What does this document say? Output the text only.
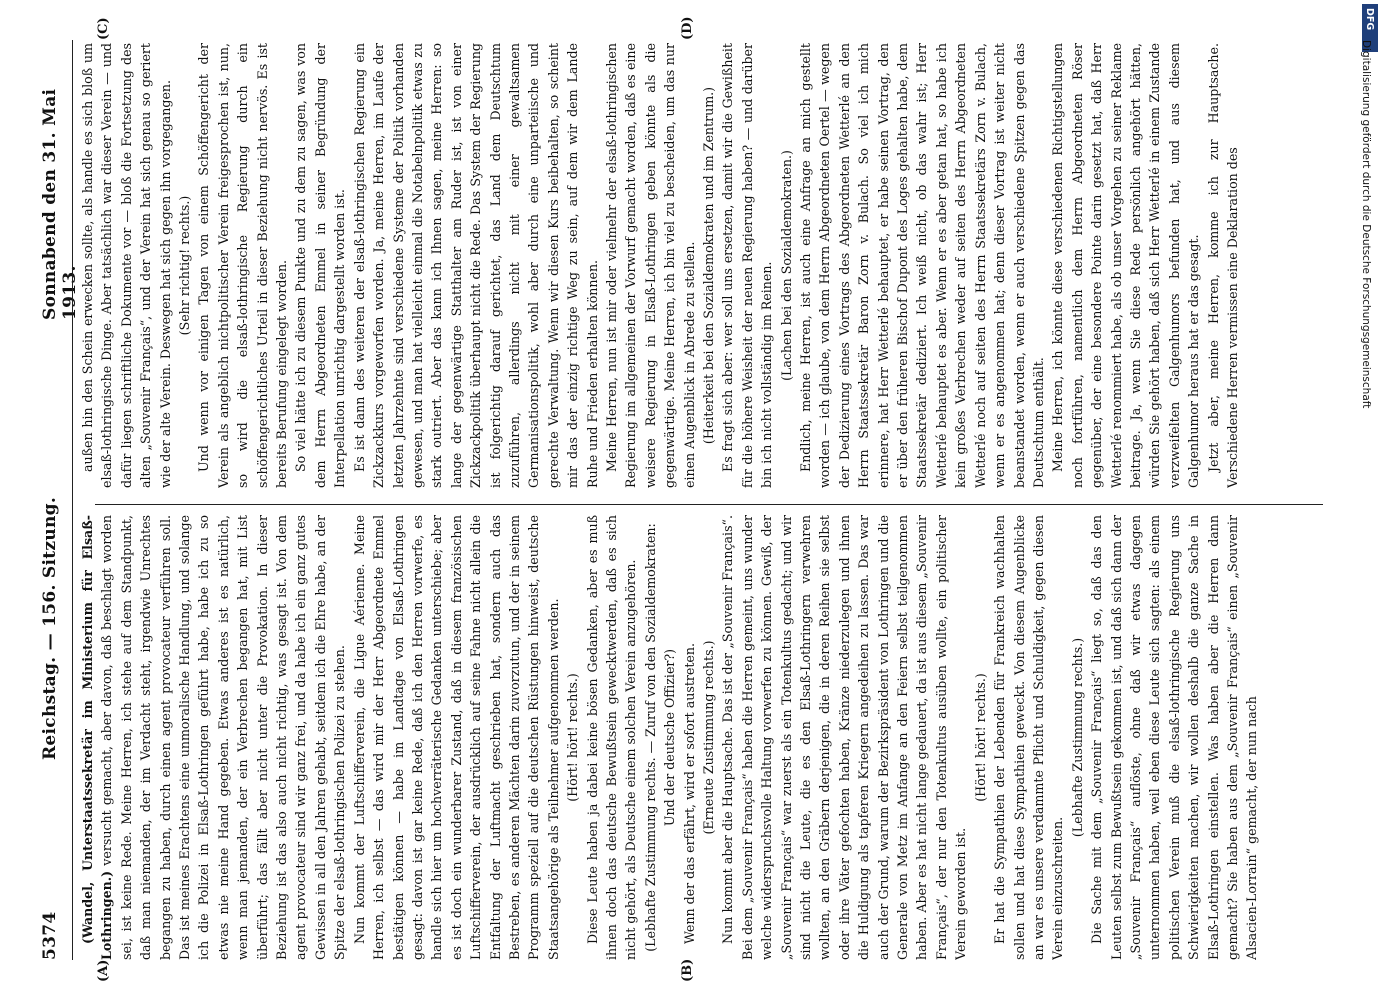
5374
Reichstag. — 156. Sitzung.
Sonnabend den 31. Mai 1913.
(A)	(B)
(C)	(D)

(Wandel, Unterstaatssekretär im Ministerium für Elsaß-Lothringen.) versucht gemacht, aber davon, daß beschlagt worden sei, ist keine Rede. Meine Herren, ich stehe auf dem Standpunkt, daß man niemanden, der im Verdacht steht, irgendwie Unrechtes begangen zu haben, durch einen agent provocateur verführen soll. Das ist meines Erachtens eine unmoralische Handlung, und solange ich die Polizei in Elsaß-Lothringen geführt habe, habe ich zu so etwas nie meine Hand gegeben. Etwas anderes ist es natürlich, wenn man jemanden, der ein Verbrechen begangen hat, mit List überführt; das fällt aber nicht unter die Provokation. In dieser Beziehung ist das also auch nicht richtig, was gesagt ist. Von dem agent provocateur sind wir ganz frei, und da habe ich ein ganz gutes Gewissen in all den Jahren gehabt, seitdem ich die Ehre habe, an der Spitze der elsaß-lothringischen Polizei zu stehen. Nun kommt der Luftschifferverein, die Ligue Aérienne. Meine Herren, ich selbst — das wird mir der Herr Abgeordnete Emmel bestätigen können — habe im Landtage von Elsaß-Lothringen gesagt: davon ist gar keine Rede, daß ich den Herren vorwerfe, es handle sich hier um hochverräterische Gedanken unterschiebe; aber es ist doch ein wunderbarer Zustand, daß in diesem französischen Luftschifferverein, der ausdrücklich auf seine Fahne nicht allein die Entfaltung der Luftmacht geschrieben hat, sondern auch das Bestreben, es anderen Mächten darin zuvorzutun, und der in seinem Programm speziell auf die deutschen Rüstungen hinweist, deutsche Staatsangehörige als Teilnehmer aufgenommen werden. (Hört! hört! rechts.) Diese Leute haben ja dabei keine bösen Gedanken, aber es muß ihnen doch das deutsche Bewußtsein gewecktwerden, daß es sich nicht gehört, als Deutsche einem solchen Verein anzugehören. (Lebhafte Zustimmung rechts. — Zuruf von den Sozialdemokraten: Und der deutsche Offizier?) Wenn der das erfährt, wird er sofort austreten. (Erneute Zustimmung rechts.) Nun kommt aber die Hauptsache. Das ist der „Souvenir Français“. Bei dem „Souvenir Français“ haben die Herren gemeint, uns wunder welche widerspruchsvolle Haltung vorwerfen zu können. Gewiß, der „Souvenir Français“ war zuerst als ein Totenkultus gedacht; und wir sind nicht die Leute, die es den Elsaß-Lothringern verwehren wollten, an den Gräbern derjenigen, die in deren Reihen sie selbst oder ihre Väter gefochten haben, Kränze niederzulegen und ihnen die Huldigung als tapferen Kriegern angedeihen zu lassen. Das war auch der Grund, warum der Bezirkspräsident von Lothringen und die Generale von Metz im Anfange an den Feiern selbst teilgenommen haben. Aber es hat nicht lange gedauert, da ist aus diesem „Souvenir Français“, der nur den Totenkultus ausüben wollte, ein politischer Verein geworden ist.

(Hört! hört! rechts.) Er hat die Sympathien der Lebenden für Frankreich wachhalten sollen und hat diese Sympathien geweckt. Von diesem Augenblicke an war es unsere verdammte Pflicht und Schuldigkeit, gegen diesen Verein einzuschreiten.

(Lebhafte Zustimmung rechts.) Die Sache mit dem „Souvenir Français“ liegt so, daß das den Leuten selbst zum Bewußtsein gekommen ist, und daß sich dann der „Souvenir Français“ auflöste, ohne daß wir etwas dagegen unternommen haben, weil eben diese Leute sich sagten: als einem politischen Verein muß die elsaß-lothringische Regierung uns Schwierigkeiten machen, wir wollen deshalb die ganze Sache in Elsaß-Lothringen einstellen. Was haben aber die Herren dann gemacht? Sie haben aus dem „Souvenir Français“ einen „Souvenir Alsacien-Lorrain“ gemacht, der nun nach

außen hin den Schein erwecken sollte, als handle es sich bloß um elsaß-lothringische Dinge. Aber tatsächlich war dieser Verein — und dafür liegen schriftliche Dokumente vor — bloß die Fortsetzung des alten „Souvenir Français“, und der Verein hat sich genau so geriert wie der alte Verein. Deswegen hat sich gegen ihn vorgegangen. (Sehr richtig! rechts.) Und wenn vor einigen Tagen von einem Schöffengericht der Verein als angeblich nichtpolitischer Verein freigesprochen ist, nun, so wird die elsaß-lothringische Regierung durch ein schöffengerichtliches Urteil in dieser Beziehung nicht nervös. Es ist bereits Berufung eingelegt worden. So viel hätte ich zu diesem Punkte und zu dem zu sagen, was von dem Herrn Abgeordneten Emmel in seiner Begründung der Interpellation unrichtig dargestellt worden ist. Es ist dann des weiteren der elsaß-lothringischen Regierung ein Zickzackkurs vorgeworfen worden. Ja, meine Herren, im Laufe der letzten Jahrzehnte sind verschiedene Systeme der Politik vorhanden gewesen, und man hat vielleicht einmal die Notabelnpolitik etwas zu stark outriert. Aber das kann ich Ihnen sagen, meine Herren: so lange der gegenwärtige Statthalter am Ruder ist, ist von einer Zickzackpolitik überhaupt nicht die Rede. Das System der Regierung ist folgerichtig darauf gerichtet, das Land dem Deutschtum zuzuführen, allerdings nicht mit einer gewaltsamen Germanisationspolitik, wohl aber durch eine unparteiische und gerechte Verwaltung. Wenn wir diesen Kurs beibehalten, so scheint mir das der einzig richtige Weg zu sein, auf dem wir dem Lande Ruhe und Frieden erhalten können. Meine Herren, nun ist mir oder vielmehr der elsaß-lothringischen Regierung im allgemeinen der Vorwurf gemacht worden, daß es eine weisere Regierung in Elsaß-Lothringen geben könnte als die gegenwärtige. Meine Herren, ich bin viel zu bescheiden, um das nur einen Augenblick in Abrede zu stellen. (Heiterkeit bei den Sozialdemokraten und im Zentrum.) Es fragt sich aber: wer soll uns ersetzen, damit wir die Gewißheit für die höhere Weisheit der neuen Regierung haben? — und darüber bin ich nicht vollständig im Reinen. (Lachen bei den Sozialdemokraten.) Endlich, meine Herren, ist auch eine Anfrage an mich gestellt worden — ich glaube, von dem Herrn Abgeordneten Oertel — wegen der Dedizierung eines Vortrags des Abgeordneten Wetterlé an den Herrn Staatssekretär Baron Zorn v. Bulach. So viel ich mich erinnere, hat Herr Wetterlé behauptet, er habe seinen Vortrag, den er über den früheren Bischof Dupont des Loges gehalten habe, dem Staatssekretär dediziert. Ich weiß nicht, ob das wahr ist; Herr Wetterlé behauptet es aber. Wenn er es aber getan hat, so habe ich kein großes Verbrechen weder auf seiten des Herrn Abgeordneten Wetterlé noch auf seiten des Herrn Staatssekretärs Zorn v. Bulach, wenn er es angenommen hat; denn dieser Vortrag ist weiter nicht beanstandet worden, wenn er auch verschiedene Spitzen gegen das Deutschtum enthält. Meine Herren, ich könnte diese verschiedenen Richtigstellungen noch fortführen, namentlich dem Herrn Abgeordneten Röser gegenüber, der eine besondere Pointe darin gesetzt hat, daß Herr Wetterlé renommiert habe, als ob unser Vorgehen zu seiner Reklame beitrage. Ja, wenn Sie diese Rede persönlich angehört hätten, würden Sie gehört haben, daß sich Herr Wetterlé in einem Zustande verzweifelten Galgenhumors befunden hat, und aus diesem Galgenhumor heraus hat er das gesagt. Jetzt aber, meine Herren, komme ich zur Hauptsache. Verschiedene Herren vermissen eine Deklaration des

DFG
Digitalisierung gefördert durch die Deutsche Forschungsgemeinschaft
